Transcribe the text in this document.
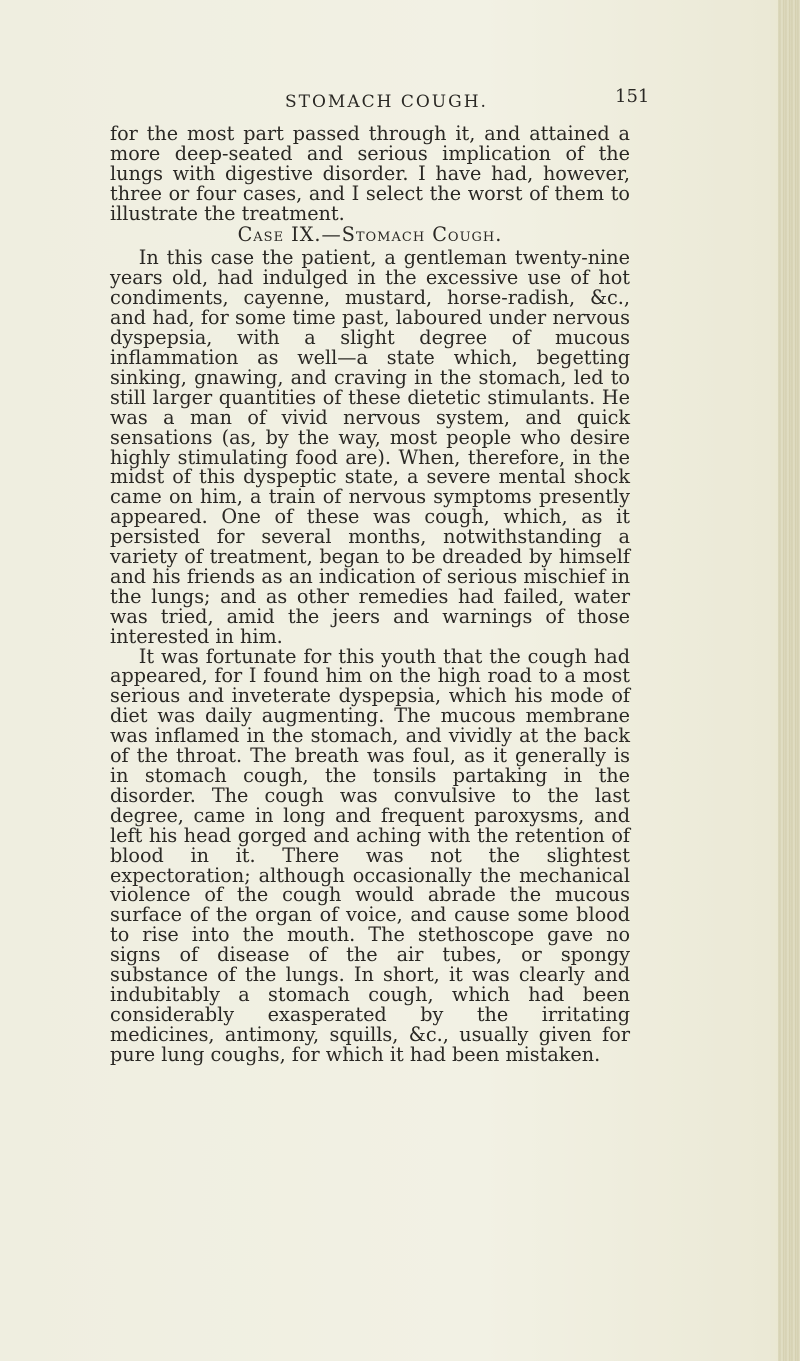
STOMACH COUGH.	151

for the most part passed through it, and attained a more deep-seated and serious implication of the lungs with digestive disorder. I have had, however, three or four cases, and I select the worst of them to illustrate the treatment.

Case IX.—Stomach Cough.

In this case the patient, a gentleman twenty-nine years old, had indulged in the excessive use of hot condiments, cayenne, mustard, horse-radish, &c., and had, for some time past, laboured under nervous dyspepsia, with a slight degree of mucous inflammation as well—a state which, begetting sinking, gnawing, and craving in the stomach, led to still larger quantities of these dietetic stimulants. He was a man of vivid nervous system, and quick sensations (as, by the way, most people who desire highly stimulating food are). When, therefore, in the midst of this dyspeptic state, a severe mental shock came on him, a train of nervous symptoms presently appeared. One of these was cough, which, as it persisted for several months, notwithstanding a variety of treatment, began to be dreaded by himself and his friends as an indication of serious mischief in the lungs; and as other remedies had failed, water was tried, amid the jeers and warnings of those interested in him.

It was fortunate for this youth that the cough had appeared, for I found him on the high road to a most serious and inveterate dyspepsia, which his mode of diet was daily augmenting. The mucous membrane was inflamed in the stomach, and vividly at the back of the throat. The breath was foul, as it generally is in stomach cough, the tonsils partaking in the disorder. The cough was convulsive to the last degree, came in long and frequent paroxysms, and left his head gorged and aching with the retention of blood in it. There was not the slightest expectoration; although occasionally the mechanical violence of the cough would abrade the mucous surface of the organ of voice, and cause some blood to rise into the mouth. The stethoscope gave no signs of disease of the air tubes, or spongy substance of the lungs. In short, it was clearly and indubitably a stomach cough, which had been considerably exasperated by the irritating medicines, antimony, squills, &c., usually given for pure lung coughs, for which it had been mistaken.
